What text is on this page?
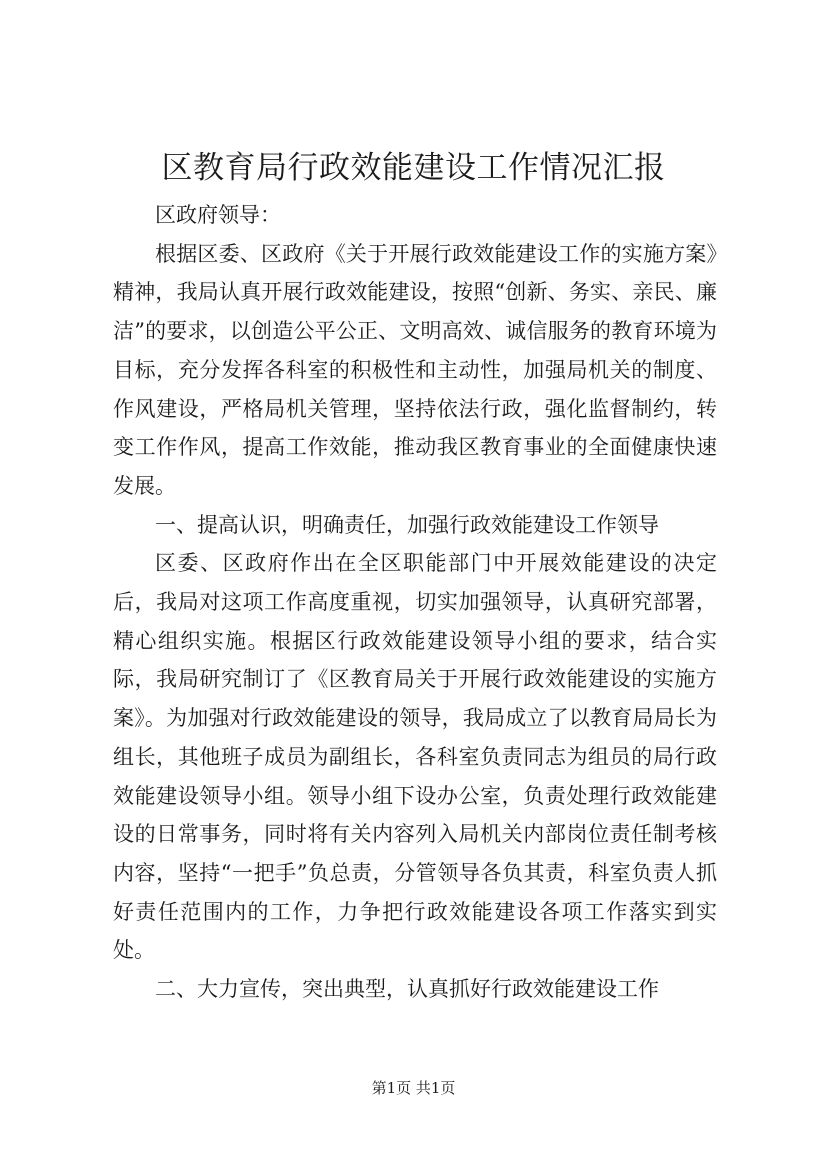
区教育局行政效能建设工作情况汇报

区政府领导：

根据区委、区政府《关于开展行政效能建设工作的实施方案》精神，我局认真开展行政效能建设，按照“创新、务实、亲民、廉洁”的要求，以创造公平公正、文明高效、诚信服务的教育环境为目标，充分发挥各科室的积极性和主动性，加强局机关的制度、作风建设，严格局机关管理，坚持依法行政，强化监督制约，转变工作作风，提高工作效能，推动我区教育事业的全面健康快速发展。

一、提高认识，明确责任，加强行政效能建设工作领导

区委、区政府作出在全区职能部门中开展效能建设的决定后，我局对这项工作高度重视，切实加强领导，认真研究部署，精心组织实施。根据区行政效能建设领导小组的要求，结合实际，我局研究制订了《区教育局关于开展行政效能建设的实施方案》。为加强对行政效能建设的领导，我局成立了以教育局局长为组长，其他班子成员为副组长，各科室负责同志为组员的局行政效能建设领导小组。领导小组下设办公室，负责处理行政效能建设的日常事务，同时将有关内容列入局机关内部岗位责任制考核内容，坚持“一把手”负总责，分管领导各负其责，科室负责人抓好责任范围内的工作，力争把行政效能建设各项工作落实到实处。

二、大力宣传，突出典型，认真抓好行政效能建设工作

第1页 共1页
